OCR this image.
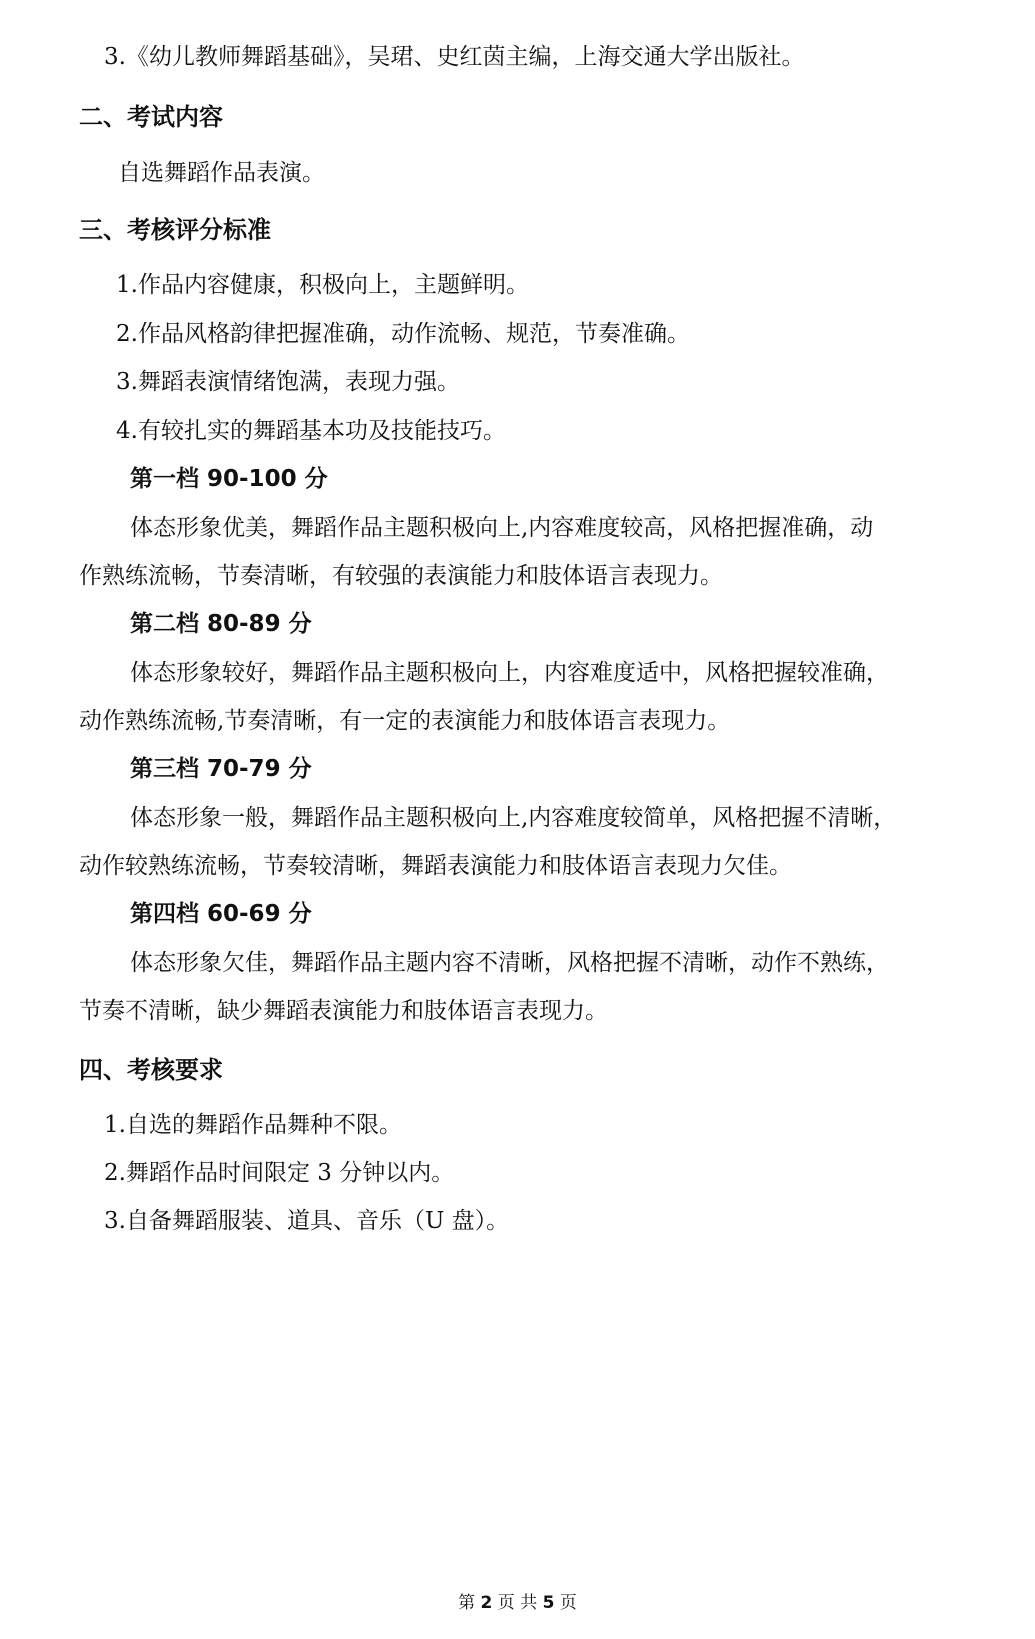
3.《幼儿教师舞蹈基础》，吴珺、史红茵主编，上海交通大学出版社。
二、考试内容
自选舞蹈作品表演。
三、考核评分标准
1.作品内容健康，积极向上，主题鲜明。
2.作品风格韵律把握准确，动作流畅、规范，节奏准确。
3.舞蹈表演情绪饱满，表现力强。
4.有较扎实的舞蹈基本功及技能技巧。
第一档 90-100 分
体态形象优美，舞蹈作品主题积极向上,内容难度较高，风格把握准确，动
作熟练流畅，节奏清晰，有较强的表演能力和肢体语言表现力。
第二档 80-89 分
体态形象较好，舞蹈作品主题积极向上，内容难度适中，风格把握较准确，
动作熟练流畅,节奏清晰，有一定的表演能力和肢体语言表现力。
第三档 70-79 分
体态形象一般，舞蹈作品主题积极向上,内容难度较简单，风格把握不清晰，
动作较熟练流畅，节奏较清晰，舞蹈表演能力和肢体语言表现力欠佳。
第四档 60-69 分
体态形象欠佳，舞蹈作品主题内容不清晰，风格把握不清晰，动作不熟练，
节奏不清晰，缺少舞蹈表演能力和肢体语言表现力。
四、考核要求
1.自选的舞蹈作品舞种不限。
2.舞蹈作品时间限定 3 分钟以内。
3.自备舞蹈服装、道具、音乐（U 盘）。
第 2 页 共 5 页
